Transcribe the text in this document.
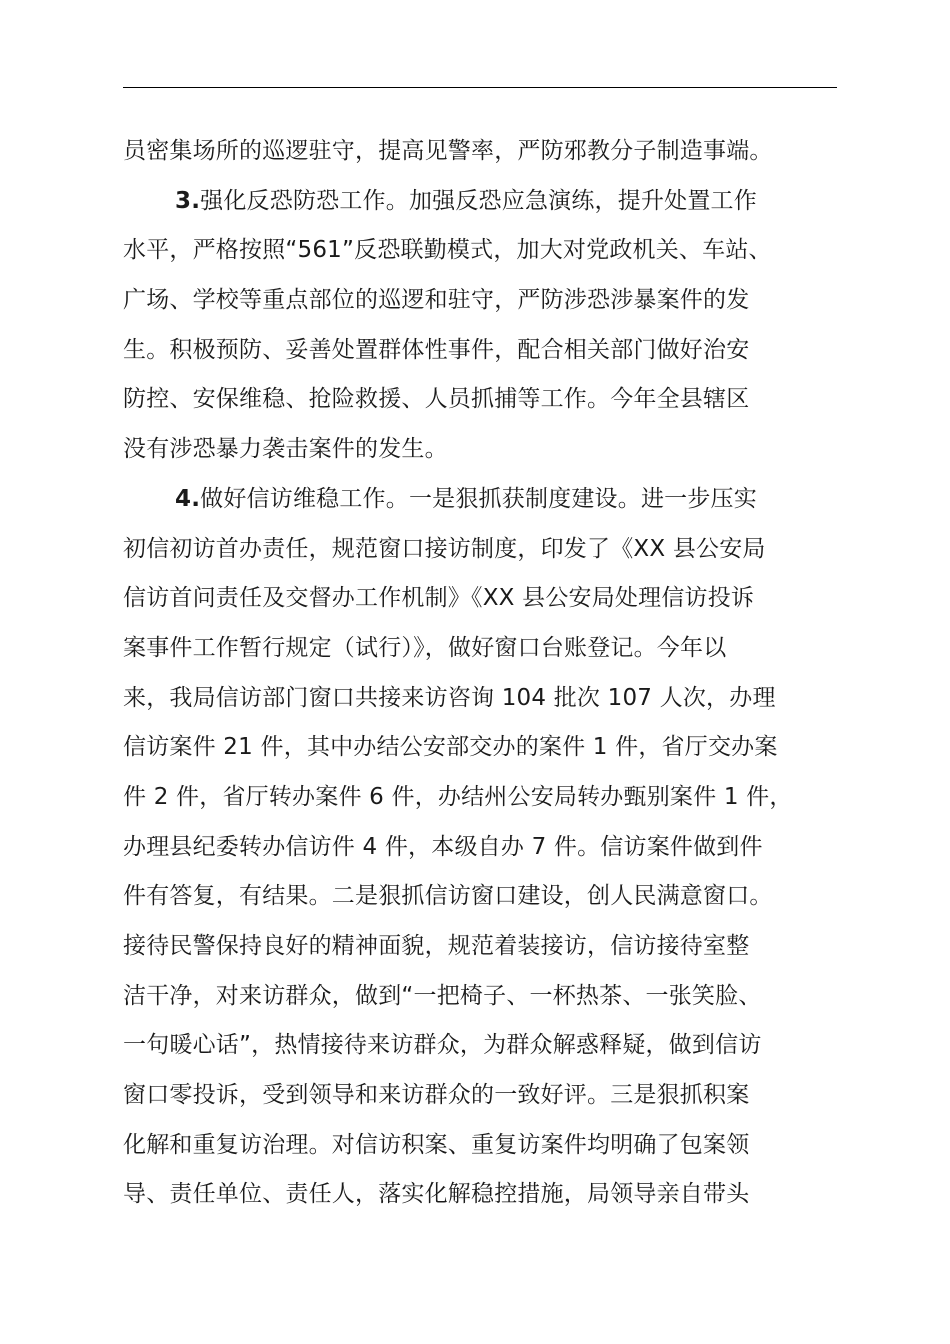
员密集场所的巡逻驻守，提高见警率，严防邪教分子制造事端。
3.强化反恐防恐工作。加强反恐应急演练，提升处置工作
水平，严格按照“561”反恐联勤模式，加大对党政机关、车站、
广场、学校等重点部位的巡逻和驻守，严防涉恐涉暴案件的发
生。积极预防、妥善处置群体性事件，配合相关部门做好治安
防控、安保维稳、抢险救援、人员抓捕等工作。今年全县辖区
没有涉恐暴力袭击案件的发生。
4.做好信访维稳工作。一是狠抓获制度建设。进一步压实
初信初访首办责任，规范窗口接访制度，印发了《XX 县公安局
信访首问责任及交督办工作机制》《XX 县公安局处理信访投诉
案事件工作暂行规定（试行）》，做好窗口台账登记。今年以
来，我局信访部门窗口共接来访咨询 104 批次 107 人次，办理
信访案件 21 件，其中办结公安部交办的案件 1 件，省厅交办案
件 2 件，省厅转办案件 6 件，办结州公安局转办甄别案件 1 件，
办理县纪委转办信访件 4 件，本级自办 7 件。信访案件做到件
件有答复，有结果。二是狠抓信访窗口建设，创人民满意窗口。
接待民警保持良好的精神面貌，规范着装接访，信访接待室整
洁干净，对来访群众，做到“一把椅子、一杯热茶、一张笑脸、
一句暖心话”，热情接待来访群众，为群众解惑释疑，做到信访
窗口零投诉，受到领导和来访群众的一致好评。三是狠抓积案
化解和重复访治理。对信访积案、重复访案件均明确了包案领
导、责任单位、责任人，落实化解稳控措施，局领导亲自带头
